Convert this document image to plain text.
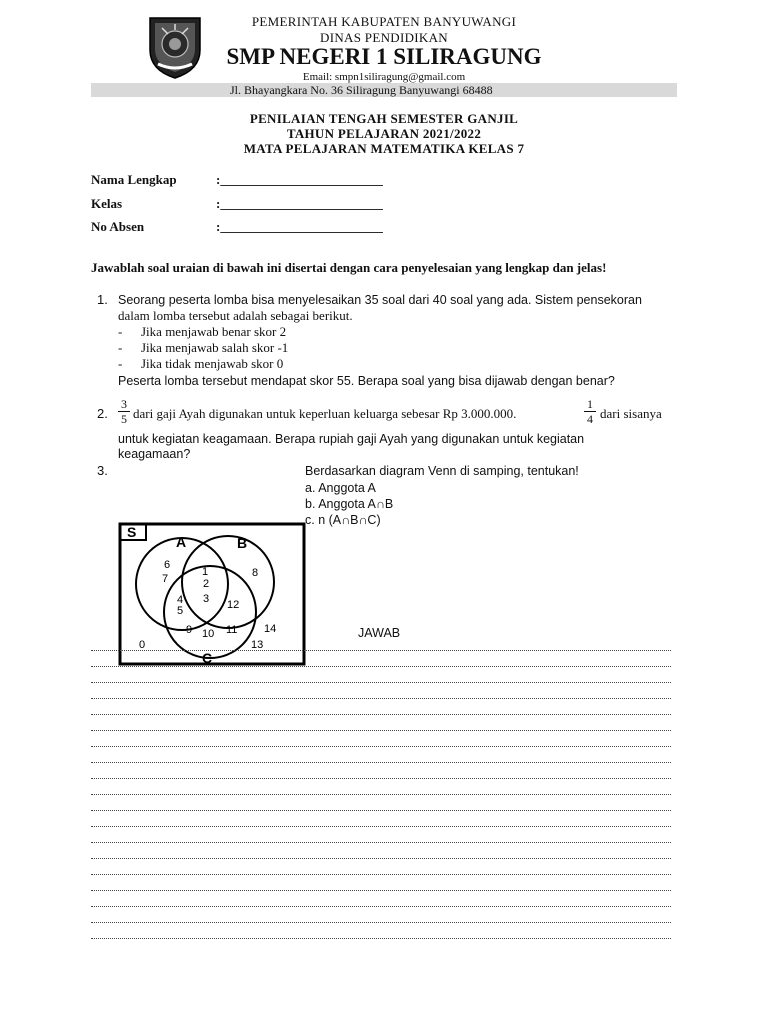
PEMERINTAH KABUPATEN BANYUWANGI
DINAS PENDIDIKAN
SMP NEGERI 1 SILIRAGUNG
Email: smpn1siliragung@gmail.com
Jl. Bhayangkara No. 36 Siliragung Banyuwangi 68488
PENILAIAN TENGAH SEMESTER GANJIL
TAHUN PELAJARAN 2021/2022
MATA PELAJARAN MATEMATIKA KELAS 7
Nama Lengkap	:_________________________
Kelas	:_________________________
No Absen	:_________________________
Jawablah soal uraian di bawah ini disertai dengan cara penyelesaian yang lengkap dan jelas!
1. Seorang peserta lomba bisa menyelesaikan 35 soal dari 40 soal yang ada. Sistem pensekoran
dalam lomba tersebut adalah sebagai berikut.
- Jika menjawab benar skor 2
- Jika menjawab salah skor -1
- Jika tidak menjawab skor 0
Peserta lomba tersebut mendapat skor 55. Berapa soal yang bisa dijawab dengan benar?
2. $\frac{3}{5}$ dari gaji Ayah digunakan untuk keperluan keluarga sebesar Rp 3.000.000.	$\frac{1}{4}$ dari sisanya
untuk kegiatan keagamaan. Berapa rupiah gaji Ayah yang digunakan untuk kegiatan
keagamaan?
3.	Berdasarkan diagram Venn di samping, tentukan!
a. Anggota A
b. Anggota A∩B
c. n (A∩B∩C)
S
A	B
C
6
7
1
2
3
4
5
8
12
9 10 11
0
14
13
JAWAB
